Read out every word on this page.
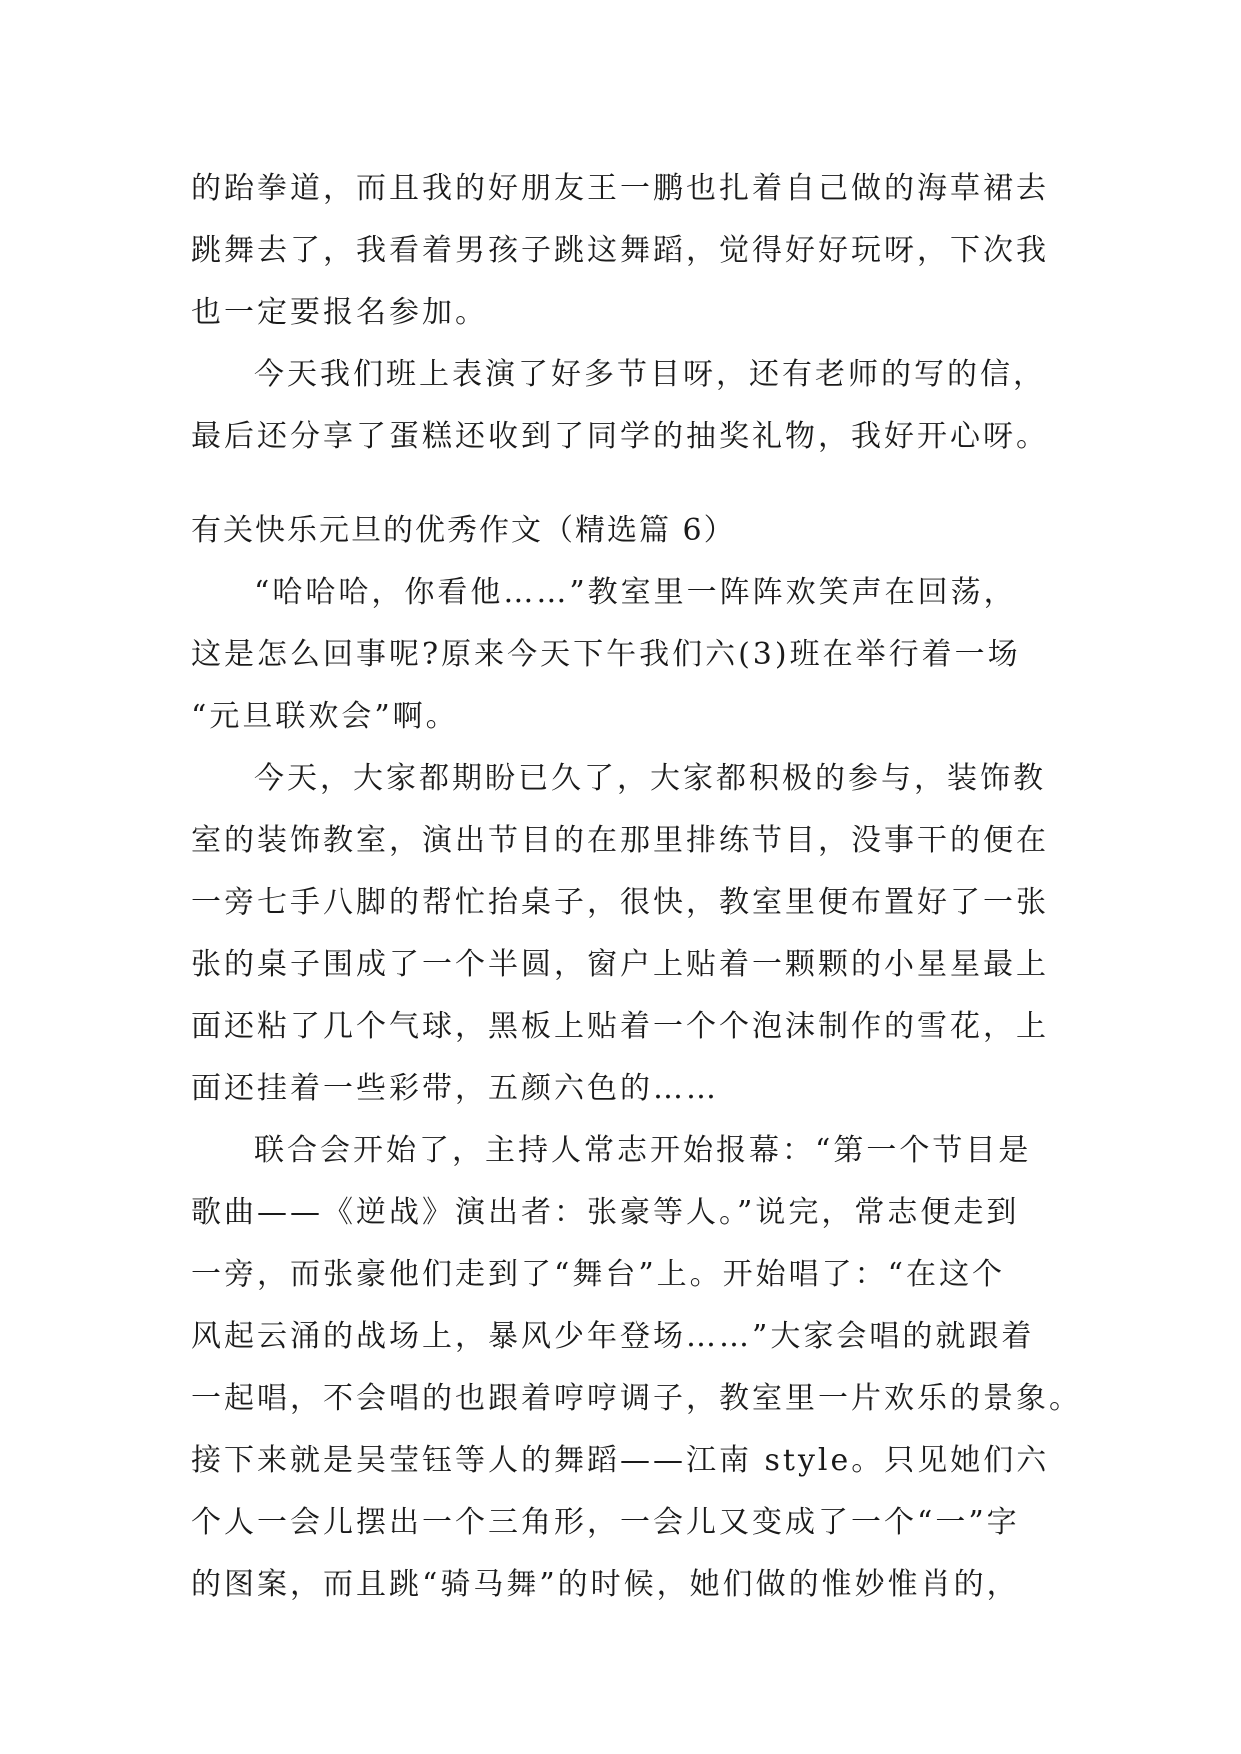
的跆拳道，而且我的好朋友王一鹏也扎着自己做的海草裙去
跳舞去了，我看着男孩子跳这舞蹈，觉得好好玩呀，下次我
也一定要报名参加。

今天我们班上表演了好多节目呀，还有老师的写的信，
最后还分享了蛋糕还收到了同学的抽奖礼物，我好开心呀。

有关快乐元旦的优秀作文（精选篇 6）

“哈哈哈，你看他……”教室里一阵阵欢笑声在回荡，
这是怎么回事呢?原来今天下午我们六(3)班在举行着一场
“元旦联欢会”啊。

今天，大家都期盼已久了，大家都积极的参与，装饰教
室的装饰教室，演出节目的在那里排练节目，没事干的便在
一旁七手八脚的帮忙抬桌子，很快，教室里便布置好了一张
张的桌子围成了一个半圆，窗户上贴着一颗颗的小星星最上
面还粘了几个气球，黑板上贴着一个个泡沫制作的雪花，上
面还挂着一些彩带，五颜六色的……

联合会开始了，主持人常志开始报幕：“第一个节目是
歌曲——《逆战》演出者：张豪等人。”说完，常志便走到
一旁，而张豪他们走到了“舞台”上。开始唱了：“在这个
风起云涌的战场上，暴风少年登场……”大家会唱的就跟着
一起唱，不会唱的也跟着哼哼调子，教室里一片欢乐的景象。
接下来就是吴莹钰等人的舞蹈——江南 style。只见她们六
个人一会儿摆出一个三角形，一会儿又变成了一个“一”字
的图案，而且跳“骑马舞”的时候，她们做的惟妙惟肖的，
